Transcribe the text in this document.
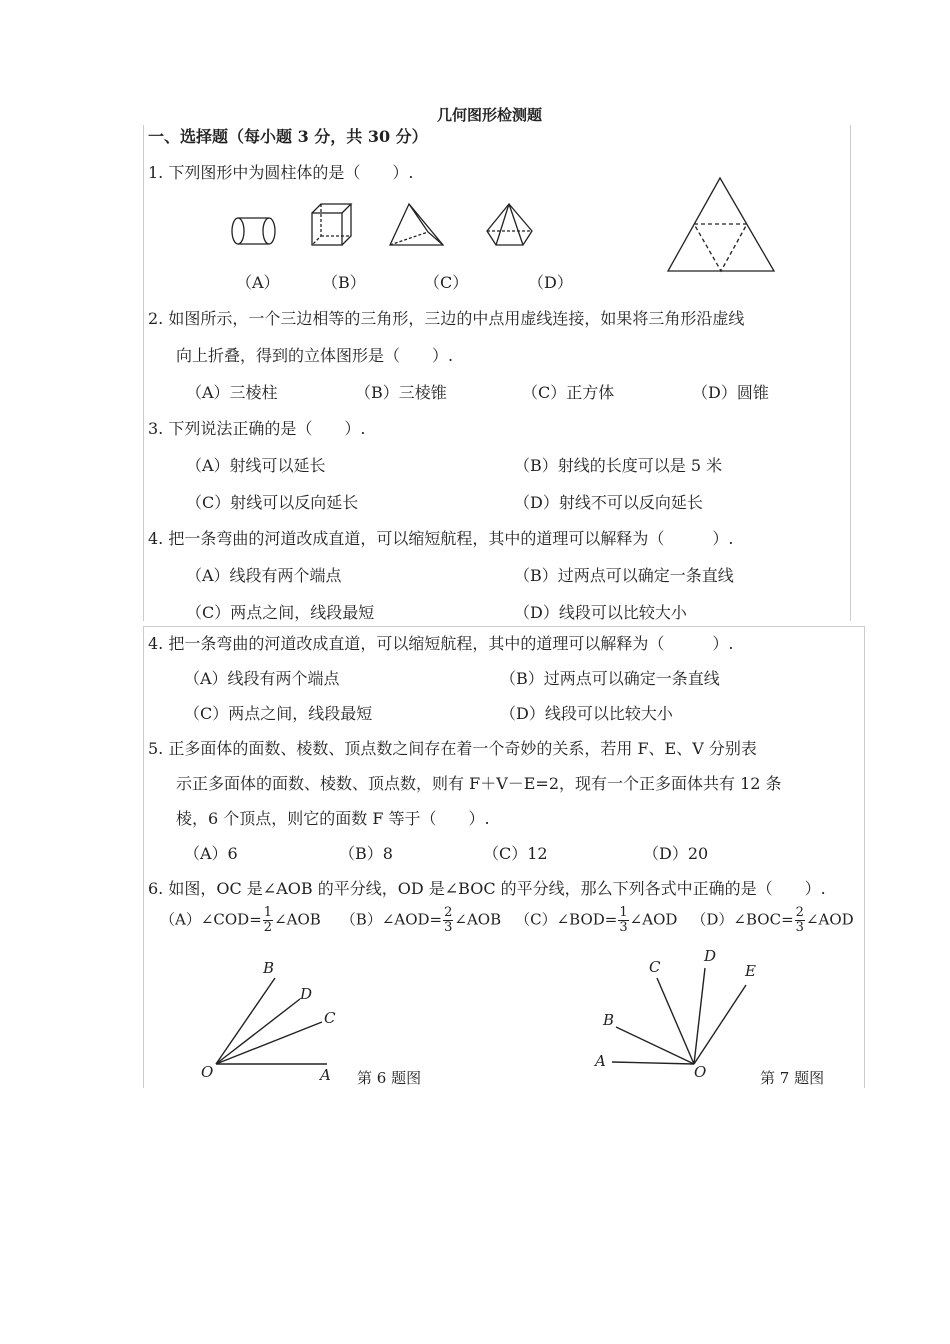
几何图形检测题
一、选择题（每小题 3 分，共 30 分）
1. 下列图形中为圆柱体的是（　　）.
（A）	（B）	（C）	（D）
2. 如图所示，一个三边相等的三角形，三边的中点用虚线连接，如果将三角形沿虚线
向上折叠，得到的立体图形是（　　）.
（A）三棱柱	（B）三棱锥	（C）正方体	（D）圆锥
3. 下列说法正确的是（　　）.
（A）射线可以延长	（B）射线的长度可以是 5 米
（C）射线可以反向延长	（D）射线不可以反向延长
4. 把一条弯曲的河道改成直道，可以缩短航程，其中的道理可以解释为（　　　）.
（A）线段有两个端点	（B）过两点可以确定一条直线
（C）两点之间，线段最短	（D）线段可以比较大小
4. 把一条弯曲的河道改成直道，可以缩短航程，其中的道理可以解释为（　　　）.
（A）线段有两个端点	（B）过两点可以确定一条直线
（C）两点之间，线段最短	（D）线段可以比较大小
5. 正多面体的面数、棱数、顶点数之间存在着一个奇妙的关系，若用 F、E、V 分别表
示正多面体的面数、棱数、顶点数，则有 F＋V－E=2，现有一个正多面体共有 12 条
棱，6 个顶点，则它的面数 F 等于（　　）.
（A）6	（B）8	（C）12	（D）20
6. 如图，OC 是∠AOB 的平分线，OD 是∠BOC 的平分线，那么下列各式中正确的是（　　）.
（A）∠COD= $\frac{1}{2}$ ∠AOB （B）∠AOD= $\frac{2}{3}$ ∠AOB （C）∠BOD= $\frac{1}{3}$ ∠AOD （D）∠BOC= $\frac{2}{3}$ ∠AOD
B
D
C
O	A 第 6 题图
C
D
E
B
A
O	第 7 题图
